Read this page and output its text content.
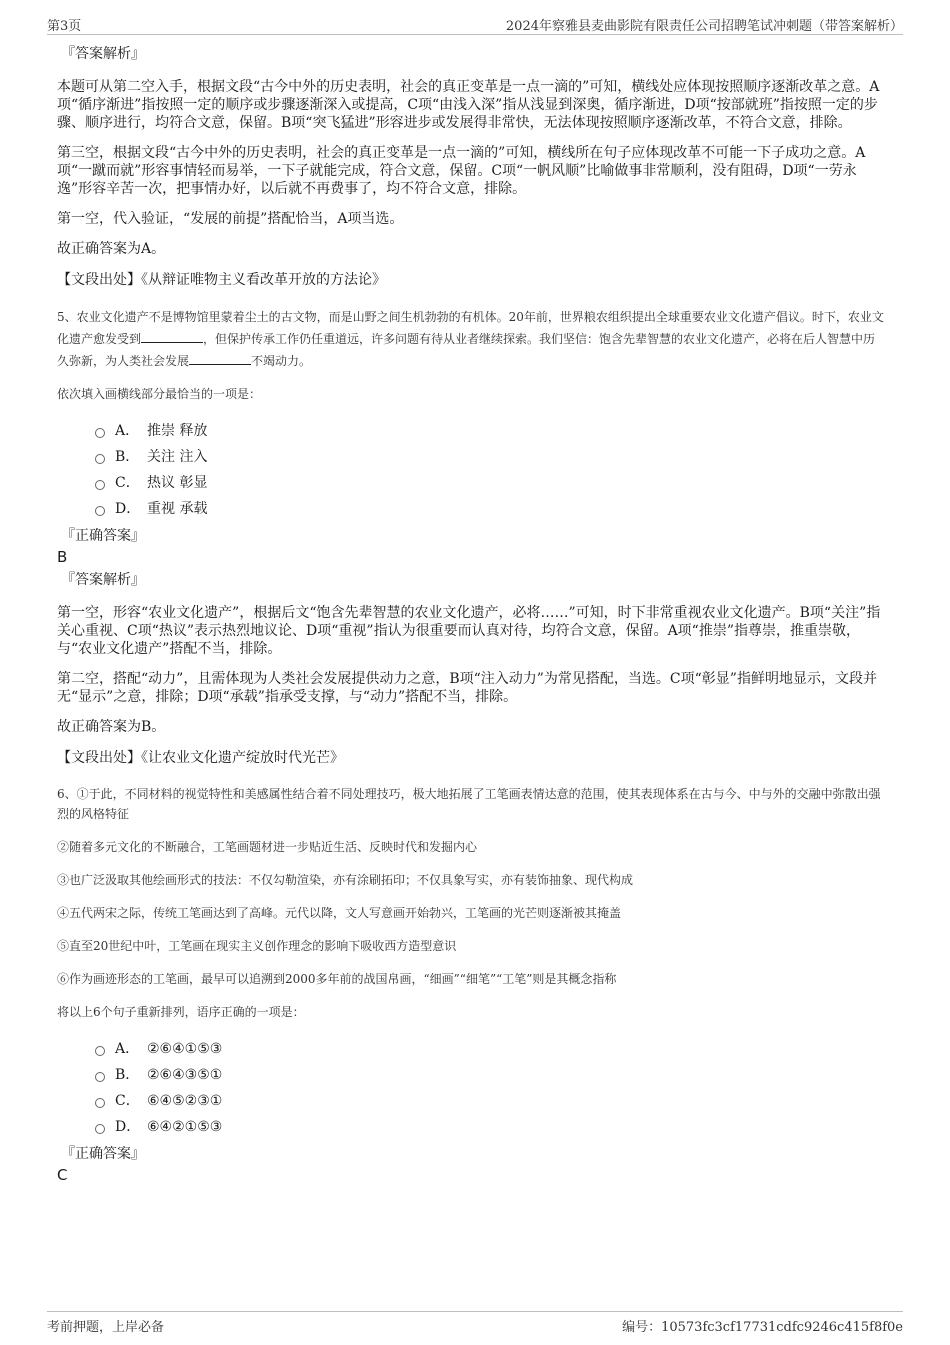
第3页	2024年察雅县麦曲影院有限责任公司招聘笔试冲刺题（带答案解析）
『答案解析』

本题可从第二空入手，根据文段“古今中外的历史表明，社会的真正变革是一点一滴的”可知，横线处应体现按照顺序逐渐改革之意。A项“循序渐进”指按照一定的顺序或步骤逐渐深入或提高，C项“由浅入深”指从浅显到深奥，循序渐进，D项“按部就班”指按照一定的步骤、顺序进行，均符合文意，保留。B项“突飞猛进”形容进步或发展得非常快，无法体现按照顺序逐渐改革，不符合文意，排除。

第三空，根据文段“古今中外的历史表明，社会的真正变革是一点一滴的”可知，横线所在句子应体现改革不可能一下子成功之意。A项“一蹴而就”形容事情轻而易举，一下子就能完成，符合文意，保留。C项“一帆风顺”比喻做事非常顺利，没有阻碍，D项“一劳永逸”形容辛苦一次，把事情办好，以后就不再费事了，均不符合文意，排除。

第一空，代入验证，“发展的前提”搭配恰当，A项当选。

故正确答案为A。

【文段出处】《从辩证唯物主义看改革开放的方法论》

5、农业文化遗产不是博物馆里蒙着尘土的古文物，而是山野之间生机勃勃的有机体。20年前，世界粮农组织提出全球重要农业文化遗产倡议。时下，农业文化遗产愈发受到	，但保护传承工作仍任重道远，许多问题有待从业者继续探索。我们坚信：饱含先辈智慧的农业文化遗产，必将在后人智慧中历久弥新，为人类社会发展	不竭动力。

依次填入画横线部分最恰当的一项是：

A． 推崇 释放
B． 关注 注入
C． 热议 彰显
D． 重视 承载
『正确答案』
B
『答案解析』

第一空，形容“农业文化遗产”，根据后文“饱含先辈智慧的农业文化遗产，必将……”可知，时下非常重视农业文化遗产。B项“关注”指关心重视、C项“热议”表示热烈地议论、D项“重视”指认为很重要而认真对待，均符合文意，保留。A项“推崇”指尊崇，推重崇敬，与“农业文化遗产”搭配不当，排除。

第二空，搭配“动力”，且需体现为人类社会发展提供动力之意，B项“注入动力”为常见搭配，当选。C项“彰显”指鲜明地显示，文段并无“显示”之意，排除；D项“承载”指承受支撑，与“动力”搭配不当，排除。

故正确答案为B。

【文段出处】《让农业文化遗产绽放时代光芒》

6、①于此，不同材料的视觉特性和美感属性结合着不同处理技巧，极大地拓展了工笔画表情达意的范围，使其表现体系在古与今、中与外的交融中弥散出强烈的风格特征

②随着多元文化的不断融合，工笔画题材进一步贴近生活、反映时代和发掘内心

③也广泛汲取其他绘画形式的技法：不仅勾勒渲染，亦有涂刷拓印；不仅具象写实，亦有装饰抽象、现代构成

④五代两宋之际，传统工笔画达到了高峰。元代以降，文人写意画开始勃兴，工笔画的光芒则逐渐被其掩盖

⑤直至20世纪中叶，工笔画在现实主义创作理念的影响下吸收西方造型意识

⑥作为画迹形态的工笔画，最早可以追溯到2000多年前的战国帛画，“细画”“细笔”“工笔”则是其概念指称

将以上6个句子重新排列，语序正确的一项是：

A． ②⑥④①⑤③
B． ②⑥④③⑤①
C． ⑥④⑤②③①
D． ⑥④②①⑤③
『正确答案』
C
考前押题，上岸必备	编号：10573fc3cf17731cdfc9246c415f8f0e
